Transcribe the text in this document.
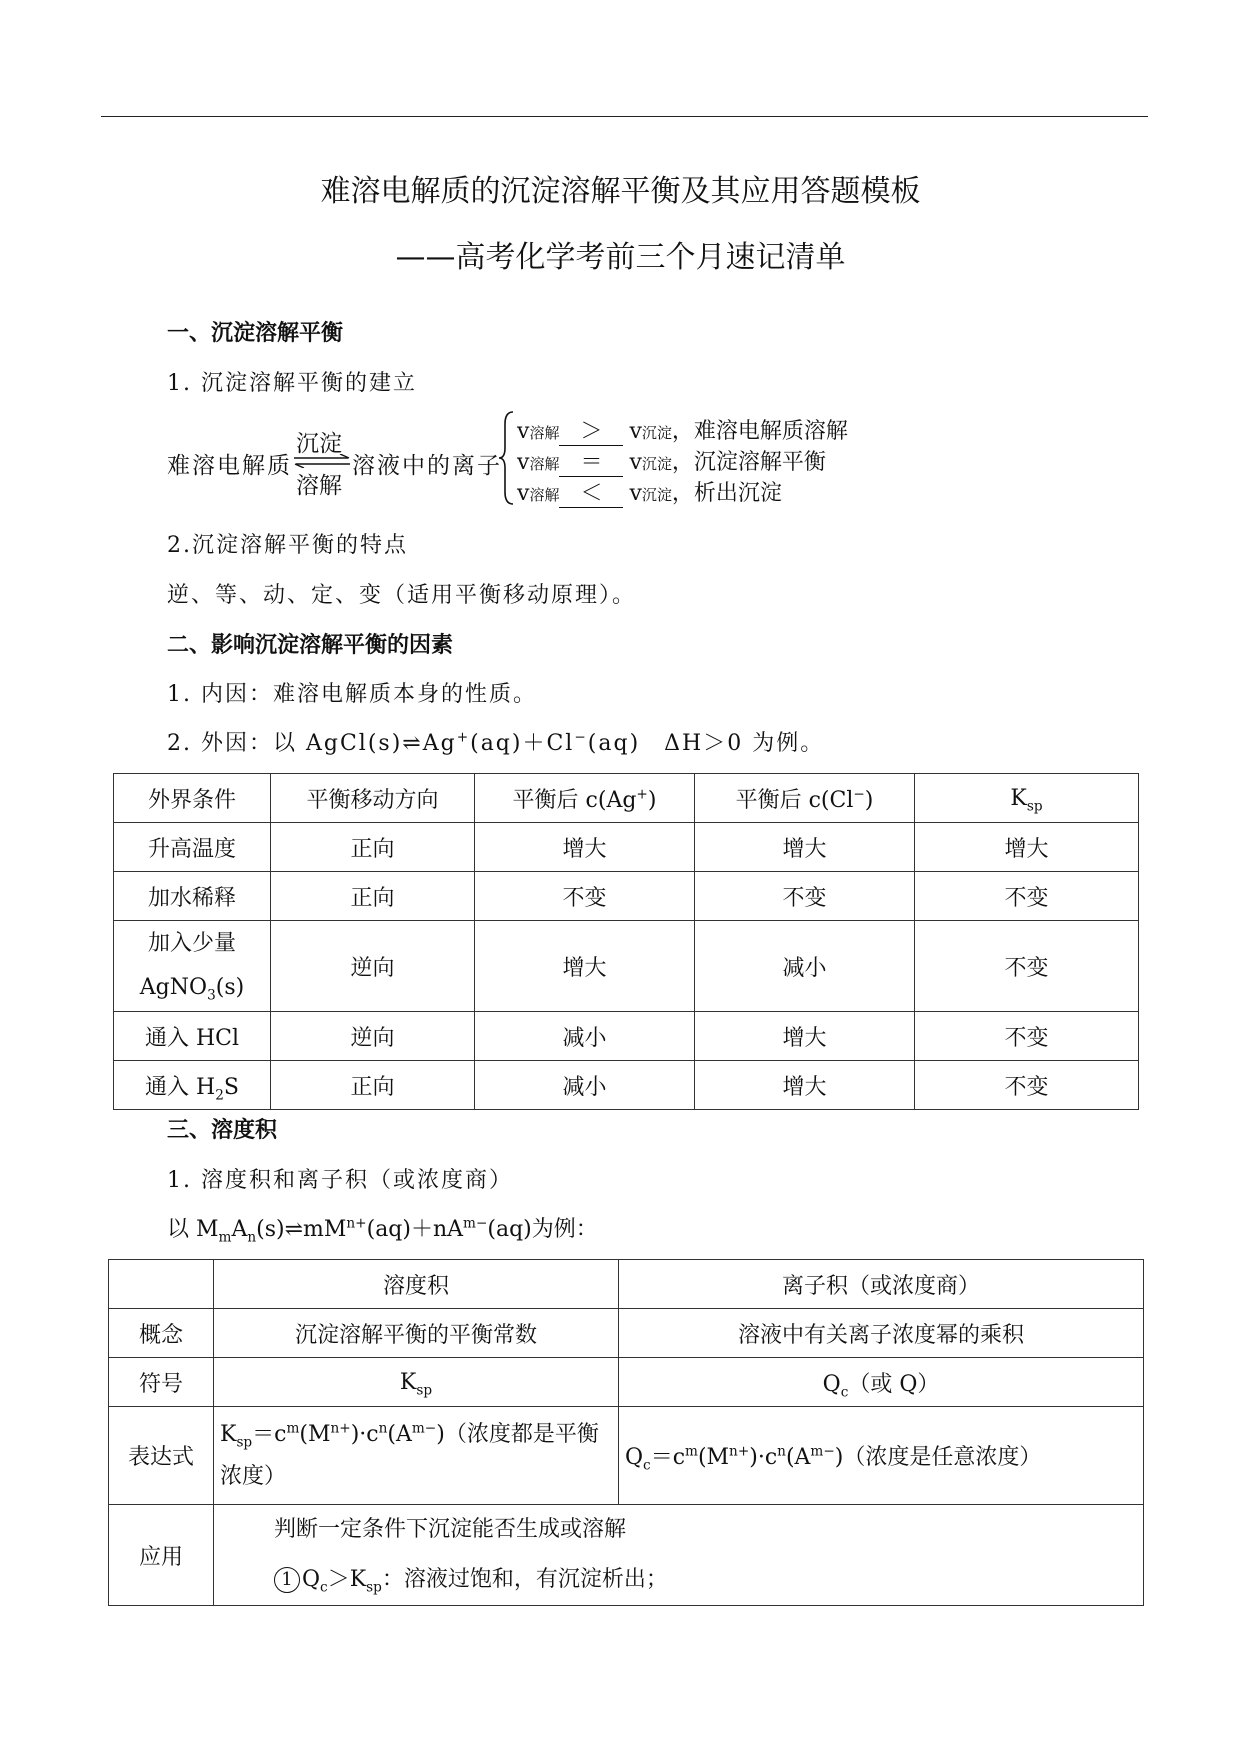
难溶电解质的沉淀溶解平衡及其应用答题模板
——高考化学考前三个月速记清单
一、沉淀溶解平衡
1. 沉淀溶解平衡的建立
难溶电解质
沉淀
溶解
溶液中的离子
v溶解 ＞ v沉淀，难溶电解质溶解
v溶解 ＝ v沉淀，沉淀溶解平衡
v溶解 ＜ v沉淀，析出沉淀
2.沉淀溶解平衡的特点
逆、等、动、定、变（适用平衡移动原理）。
二、影响沉淀溶解平衡的因素
1. 内因：难溶电解质本身的性质。
2. 外因：以 AgCl(s)⇌Ag+(aq)＋Cl−(aq)　ΔH＞0 为例。
外界条件	平衡移动方向	平衡后 c(Ag+)	平衡后 c(Cl−)	$K_{sp}$
升高温度	正向	增大	增大	增大
加水稀释	正向	不变	不变	不变
加入少量
AgNO$_3$(s)	逆向	增大	减小	不变
通入 HCl	逆向	减小	增大	不变
通入 $H_2S$	正向	减小	增大	不变
三、溶度积
1. 溶度积和离子积（或浓度商）
以 $M_mA_n(s)\rightleftharpoons mM^{n+}(aq)+nA^{m-}(aq)$为例：
	溶度积	离子积（或浓度商）
概念	沉淀溶解平衡的平衡常数	溶液中有关离子浓度幂的乘积
符号	$K_{sp}$	$Q_c$（或 Q）
表达式	$K_{sp}=c^m(M^{n+})\cdot c^n(A^{m-})$（浓度都是平衡浓度）	$Q_c=c^m(M^{n+})\cdot c^n(A^{m-})$（浓度是任意浓度）
应用	判断一定条件下沉淀能否生成或溶解
1 $Q_c>K_{sp}$：溶液过饱和，有沉淀析出；	
